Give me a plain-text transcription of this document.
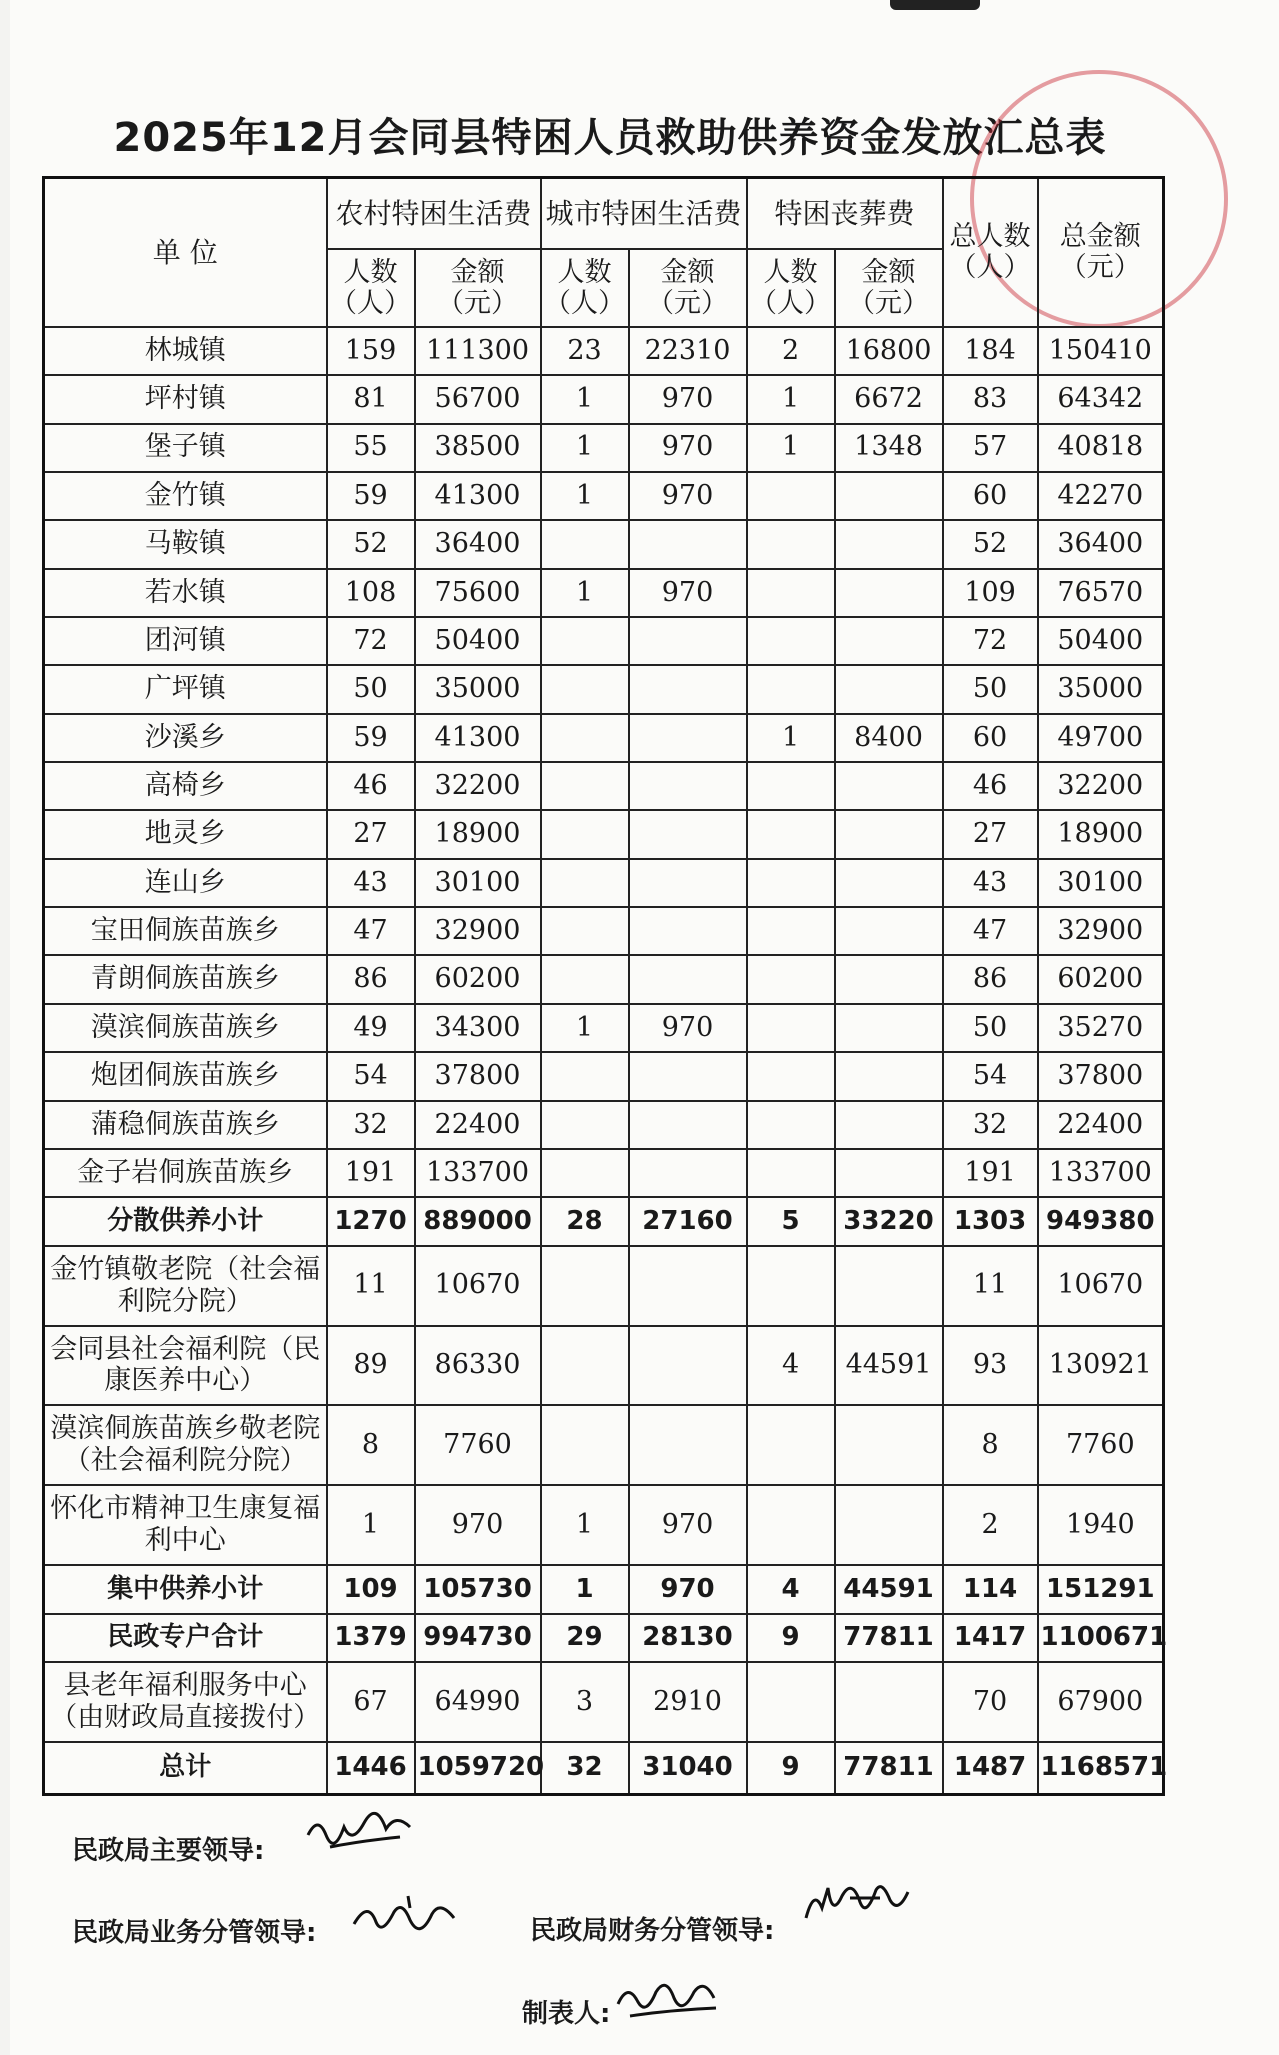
2025年12月会同县特困人员救助供养资金发放汇总表
单 位	农村特困生活费		城市特困生活费		特困丧葬费		总人数（人）	总金额（元）
	人数（人）	金额（元）	人数（人）	金额（元）	人数（人）	金额（元）		
林城镇	159	111300	23	22310	2	16800	184	150410
坪村镇	81	56700	1	970	1	6672	83	64342
堡子镇	55	38500	1	970	1	1348	57	40818
金竹镇	59	41300	1	970			60	42270
马鞍镇	52	36400					52	36400
若水镇	108	75600	1	970			109	76570
团河镇	72	50400					72	50400
广坪镇	50	35000					50	35000
沙溪乡	59	41300			1	8400	60	49700
高椅乡	46	32200					46	32200
地灵乡	27	18900					27	18900
连山乡	43	30100					43	30100
宝田侗族苗族乡	47	32900					47	32900
青朗侗族苗族乡	86	60200					86	60200
漠滨侗族苗族乡	49	34300	1	970			50	35270
炮团侗族苗族乡	54	37800					54	37800
蒲稳侗族苗族乡	32	22400					32	22400
金子岩侗族苗族乡	191	133700					191	133700
分散供养小计	1270	889000	28	27160	5	33220	1303	949380
金竹镇敬老院（社会福利院分院）	11	10670					11	10670
会同县社会福利院（民康医养中心）	89	86330			4	44591	93	130921
漠滨侗族苗族乡敬老院（社会福利院分院）	8	7760					8	7760
怀化市精神卫生康复福利中心	1	970	1	970			2	1940
集中供养小计	109	105730	1	970	4	44591	114	151291
民政专户合计	1379	994730	29	28130	9	77811	1417	1100671
县老年福利服务中心（由财政局直接拨付）	67	64990	3	2910			70	67900
总计	1446	1059720	32	31040	9	77811	1487	1168571
民政局主要领导:
民政局业务分管领导:	民政局财务分管领导:
制表人:
